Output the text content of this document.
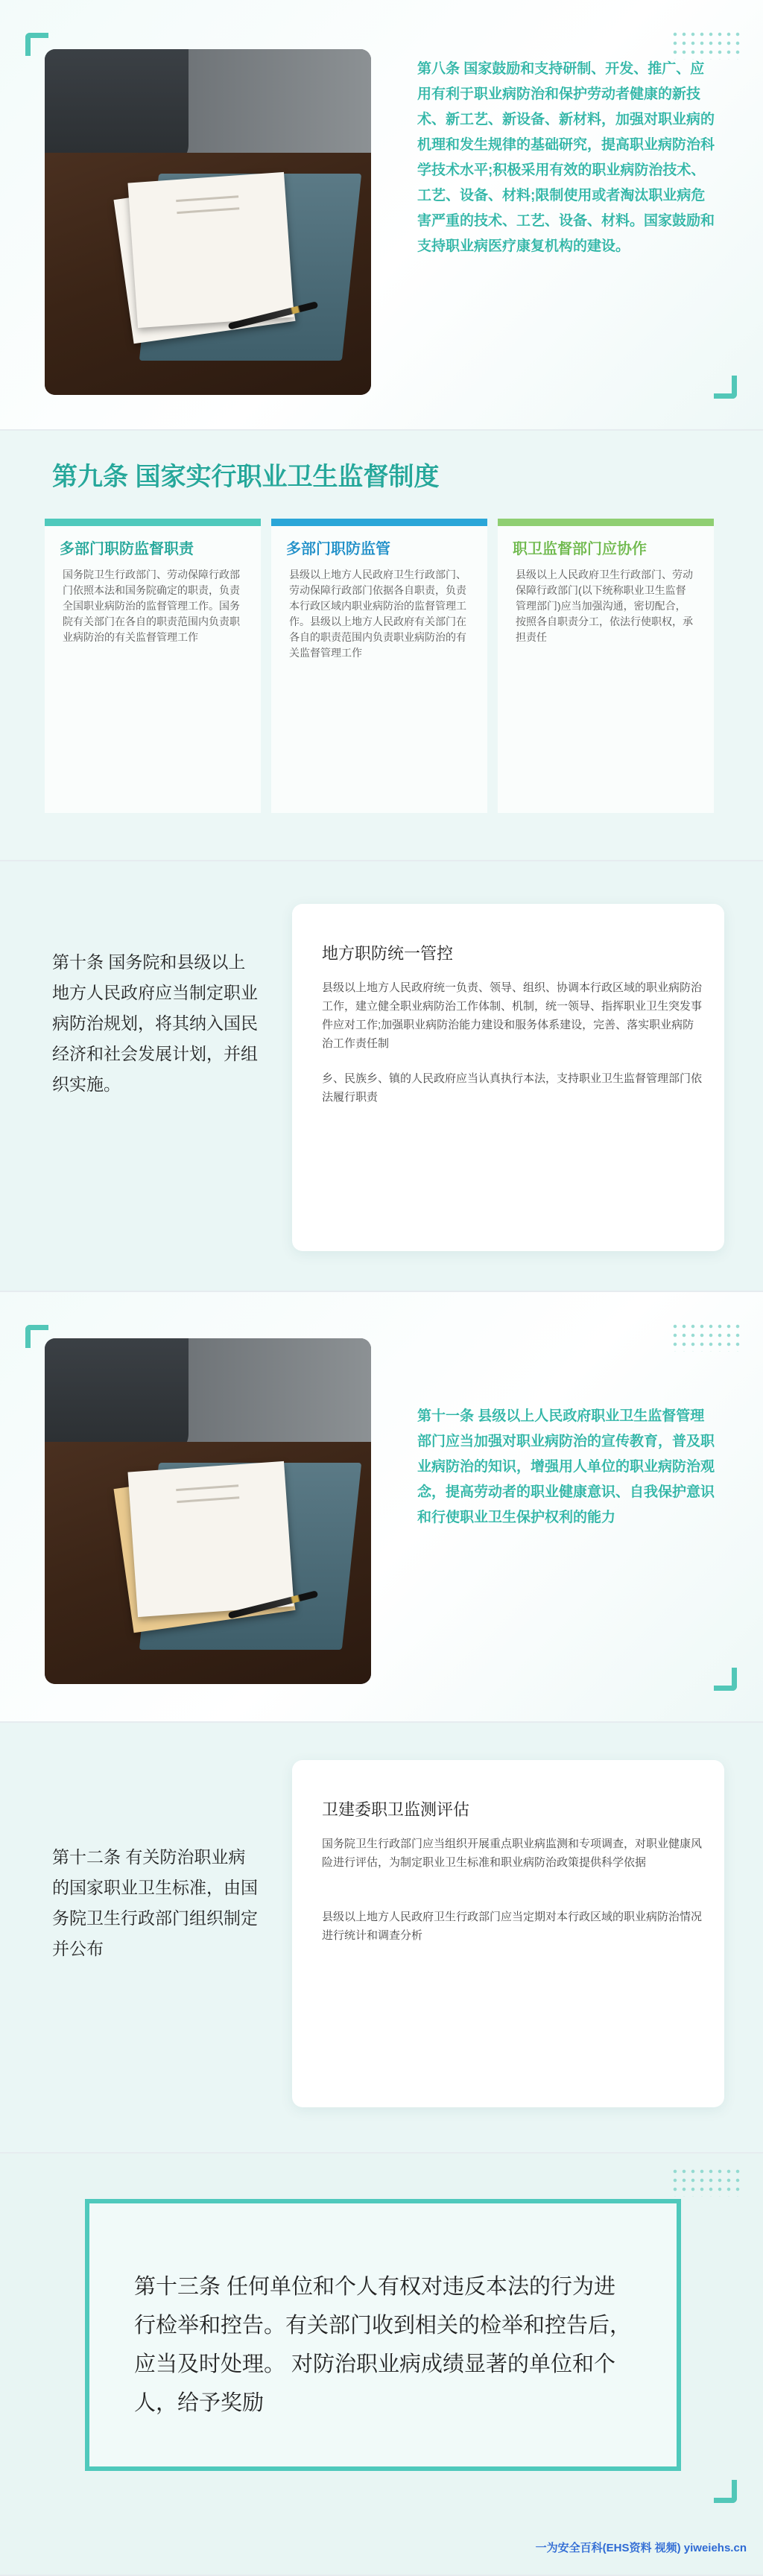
第八条 国家鼓励和支持研制、开发、推广、应用有利于职业病防治和保护劳动者健康的新技术、新工艺、新设备、新材料，加强对职业病的机理和发生规律的基础研究，提高职业病防治科学技术水平;积极采用有效的职业病防治技术、工艺、设备、材料;限制使用或者淘汰职业病危害严重的技术、工艺、设备、材料。国家鼓励和支持职业病医疗康复机构的建设。
第九条 国家实行职业卫生监督制度
多部门职防监督职责
国务院卫生行政部门、劳动保障行政部门依照本法和国务院确定的职责，负责全国职业病防治的监督管理工作。国务院有关部门在各自的职责范围内负责职业病防治的有关监督管理工作
多部门职防监管
县级以上地方人民政府卫生行政部门、劳动保障行政部门依据各自职责，负责本行政区域内职业病防治的监督管理工作。县级以上地方人民政府有关部门在各自的职责范围内负责职业病防治的有关监督管理工作
职卫监督部门应协作
县级以上人民政府卫生行政部门、劳动保障行政部门(以下统称职业卫生监督管理部门)应当加强沟通，密切配合，按照各自职责分工，依法行使职权，承担责任
第十条 国务院和县级以上地方人民政府应当制定职业病防治规划，将其纳入国民经济和社会发展计划，并组织实施。
地方职防统一管控
县级以上地方人民政府统一负责、领导、组织、协调本行政区域的职业病防治工作，建立健全职业病防治工作体制、机制，统一领导、指挥职业卫生突发事件应对工作;加强职业病防治能力建设和服务体系建设，完善、落实职业病防治工作责任制
乡、民族乡、镇的人民政府应当认真执行本法，支持职业卫生监督管理部门依法履行职责
第十一条 县级以上人民政府职业卫生监督管理部门应当加强对职业病防治的宣传教育，普及职业病防治的知识，增强用人单位的职业病防治观念，提高劳动者的职业健康意识、自我保护意识和行使职业卫生保护权利的能力
第十二条 有关防治职业病的国家职业卫生标准，由国务院卫生行政部门组织制定并公布
卫建委职卫监测评估
国务院卫生行政部门应当组织开展重点职业病监测和专项调查，对职业健康风险进行评估，为制定职业卫生标准和职业病防治政策提供科学依据
县级以上地方人民政府卫生行政部门应当定期对本行政区域的职业病防治情况进行统计和调查分析
第十三条 任何单位和个人有权对违反本法的行为进行检举和控告。有关部门收到相关的检举和控告后，应当及时处理。 对防治职业病成绩显著的单位和个人，给予奖励
一为安全百科(EHS资料 视频) yiweiehs.cn
